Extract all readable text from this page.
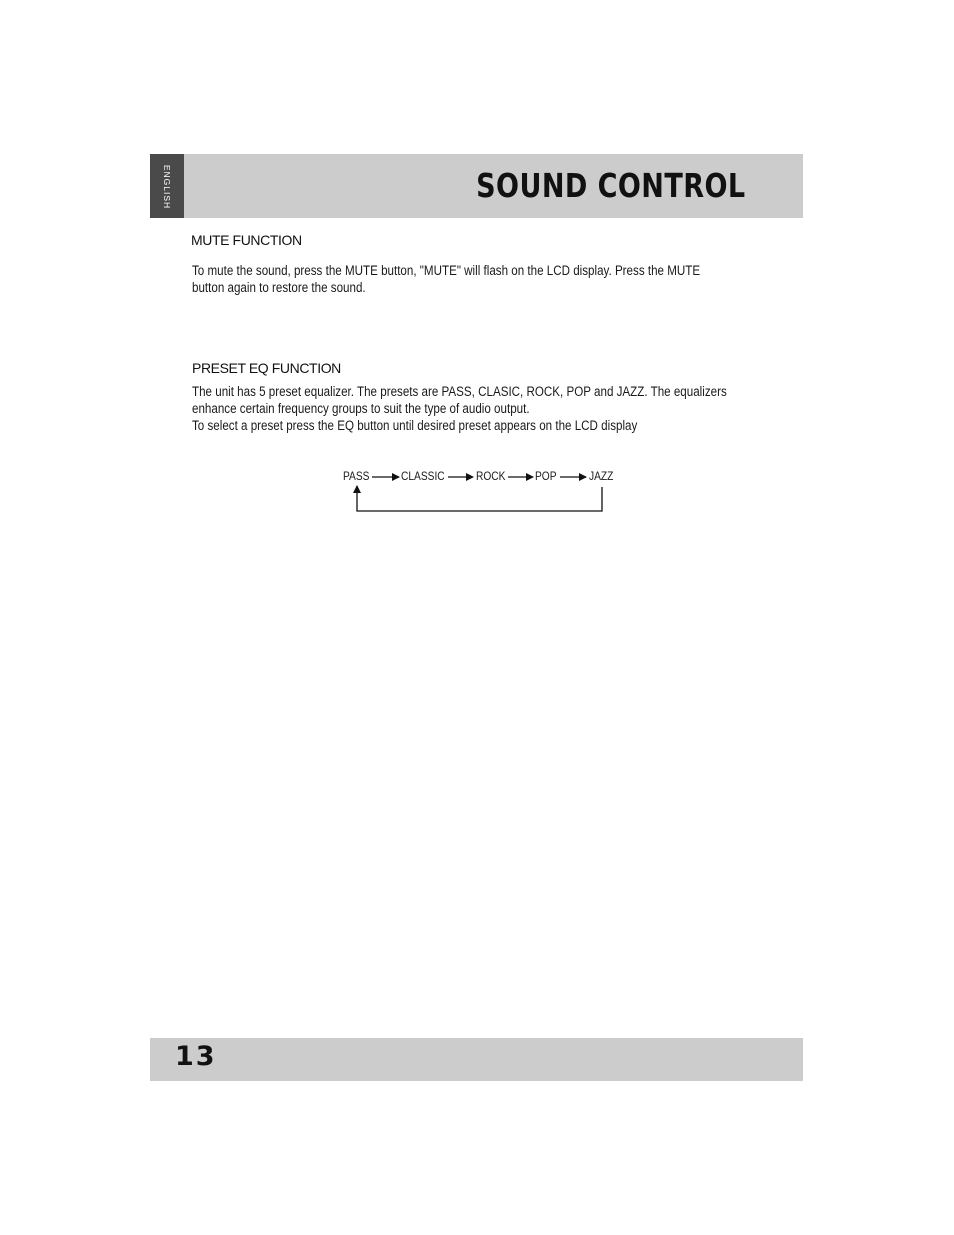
ENGLISH	SOUND CONTROL
MUTE FUNCTION

To mute the sound, press the MUTE button, "MUTE" will flash on the LCD display. Press the MUTE
button again to restore the sound.

PRESET EQ FUNCTION

The unit has 5 preset equalizer. The presets are PASS, CLASIC, ROCK, POP and JAZZ. The equalizers
enhance certain frequency groups to suit the type of audio output.
To select a preset press the EQ button until desired preset appears on the LCD display

PASS	CLASSIC	ROCK POP	JAZZ

13
